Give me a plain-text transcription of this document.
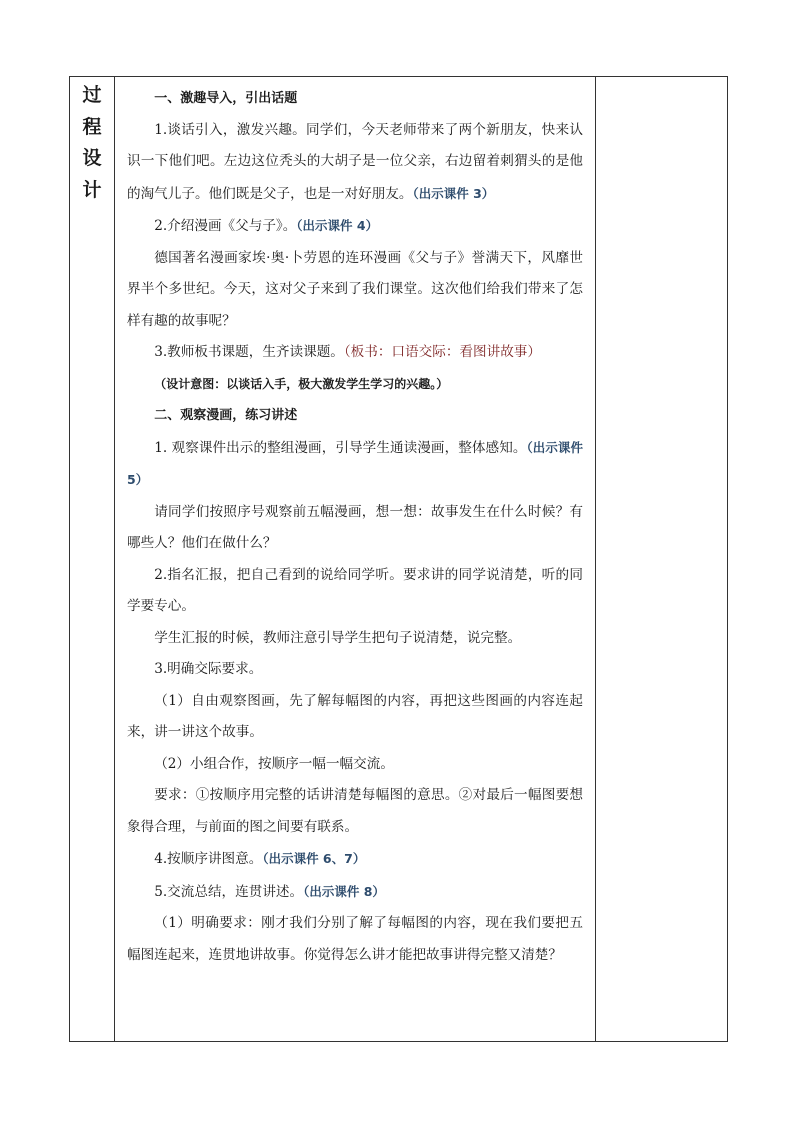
过
程
设
计

一、激趣导入，引出话题

1.谈话引入，激发兴趣。同学们，今天老师带来了两个新朋友，快来认识一下他们吧。左边这位秃头的大胡子是一位父亲，右边留着刺猬头的是他的淘气儿子。他们既是父子，也是一对好朋友。（出示课件 3）

2.介绍漫画《父与子》。（出示课件 4）

德国著名漫画家埃·奥·卜劳恩的连环漫画《父与子》誉满天下，风靡世界半个多世纪。今天，这对父子来到了我们课堂。这次他们给我们带来了怎样有趣的故事呢？

3.教师板书课题，生齐读课题。（板书：口语交际：看图讲故事）

（设计意图：以谈话入手，极大激发学生学习的兴趣。）

二、观察漫画，练习讲述

1. 观察课件出示的整组漫画，引导学生通读漫画，整体感知。（出示课件 5）

请同学们按照序号观察前五幅漫画，想一想：故事发生在什么时候？有哪些人？他们在做什么？

2.指名汇报，把自己看到的说给同学听。要求讲的同学说清楚，听的同学要专心。

学生汇报的时候，教师注意引导学生把句子说清楚，说完整。

3.明确交际要求。

（1）自由观察图画，先了解每幅图的内容，再把这些图画的内容连起来，讲一讲这个故事。

（2）小组合作，按顺序一幅一幅交流。

要求：①按顺序用完整的话讲清楚每幅图的意思。②对最后一幅图要想象得合理，与前面的图之间要有联系。

4.按顺序讲图意。（出示课件 6、7）

5.交流总结，连贯讲述。（出示课件 8）

（1）明确要求：刚才我们分别了解了每幅图的内容，现在我们要把五幅图连起来，连贯地讲故事。你觉得怎么讲才能把故事讲得完整又清楚？
